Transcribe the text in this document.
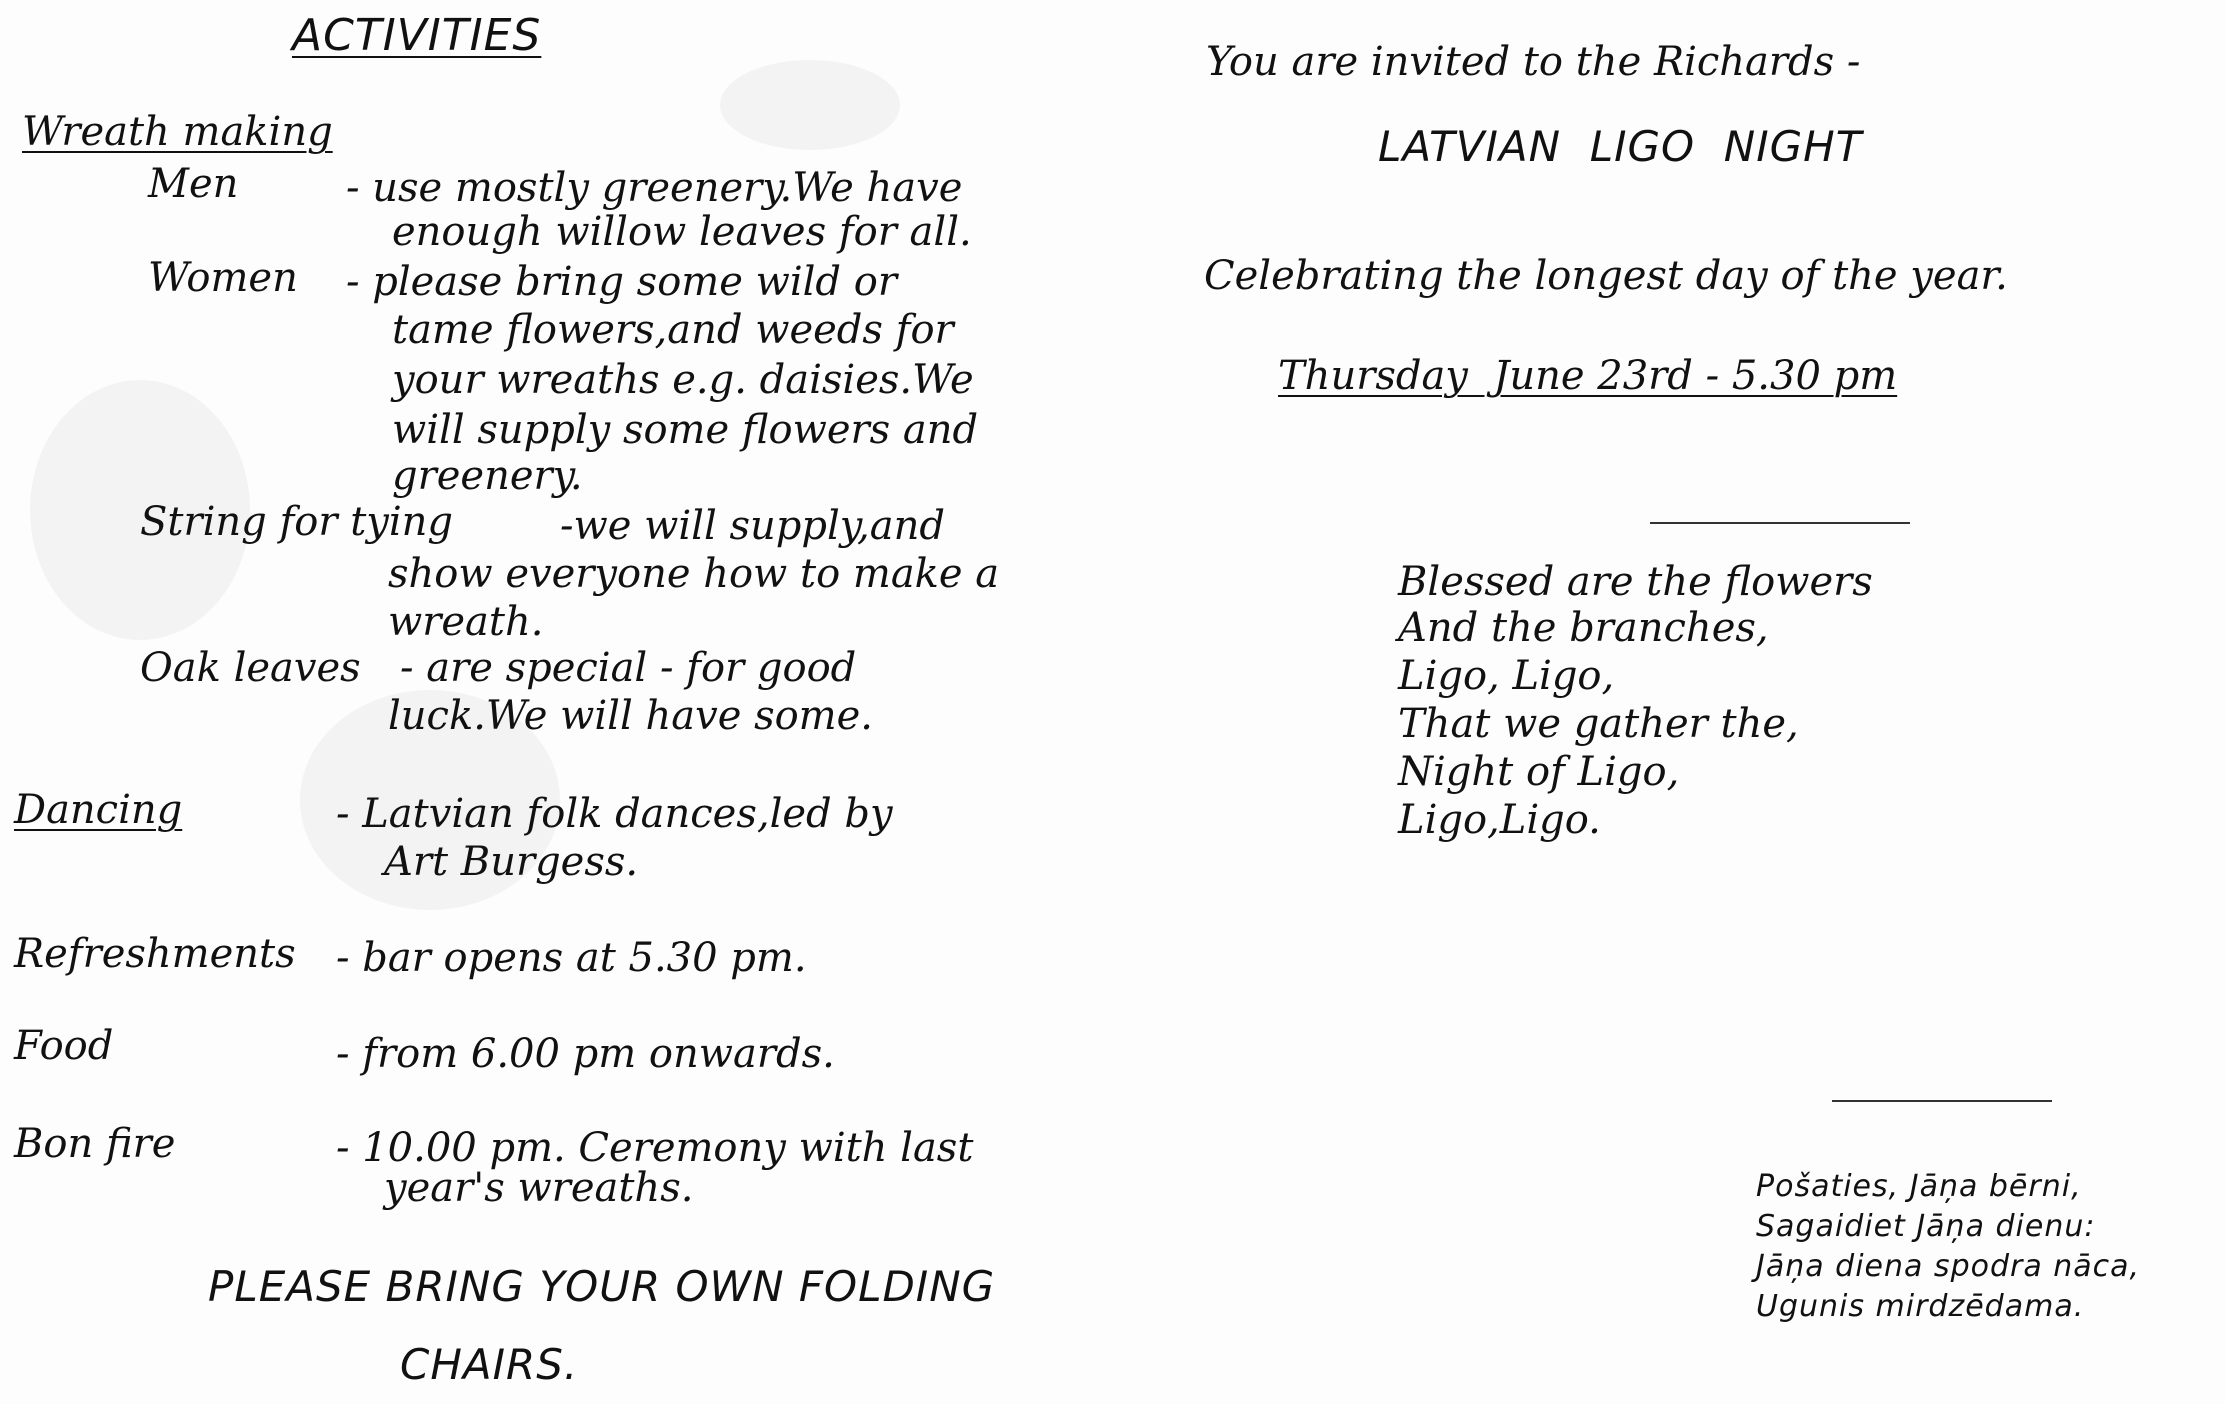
ACTIVITIES
Wreath making
Men	- use mostly greenery.We have
enough willow leaves for all.
Women - please bring some wild or
tame flowers,and weeds for
your wreaths e.g. daisies.We
will supply some flowers and
greenery.
String for tying	-we will supply,and
show everyone how to make a
wreath.
Oak leaves - are special - for good
luck.We will have some.
Dancing	- Latvian folk dances,led by
Art Burgess.
Refreshments - bar opens at 5.30 pm.
Food	- from 6.00 pm onwards.
Bon fire	- 10.00 pm. Ceremony with last
year's wreaths.
PLEASE BRING YOUR OWN FOLDING
CHAIRS.
You are invited to the Richards -
LATVIAN  LIGO  NIGHT
Celebrating the longest day of the year.
Thursday  June 23rd - 5.30 pm
Blessed are the flowers
And the branches,
Ligo, Ligo,
That we gather the,
Night of Ligo,
Ligo,Ligo.
Pošaties, Jāņa bērni,
Sagaidiet Jāņa dienu:
Jāņa diena spodra nāca,
Ugunis mirdzēdama.
